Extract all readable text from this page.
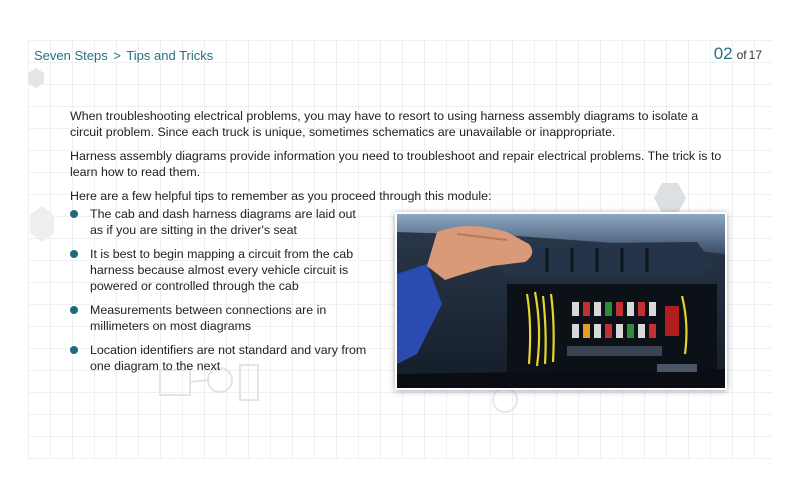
Seven Steps > Tips and Tricks	02 of 17

When troubleshooting electrical problems, you may have to resort to using harness assembly diagrams to isolate a circuit problem. Since each truck is unique, sometimes schematics are unavailable or inappropriate.

Harness assembly diagrams provide information you need to troubleshoot and repair electrical problems. The trick is to learn how to read them.

Here are a few helpful tips to remember as you proceed through this module:

The cab and dash harness diagrams are laid out as if you are sitting in the driver's seat
It is best to begin mapping a circuit from the cab harness because almost every vehicle circuit is powered or controlled through the cab
Measurements between connections are in millimeters on most diagrams
Location identifiers are not standard and vary from one diagram to the next
